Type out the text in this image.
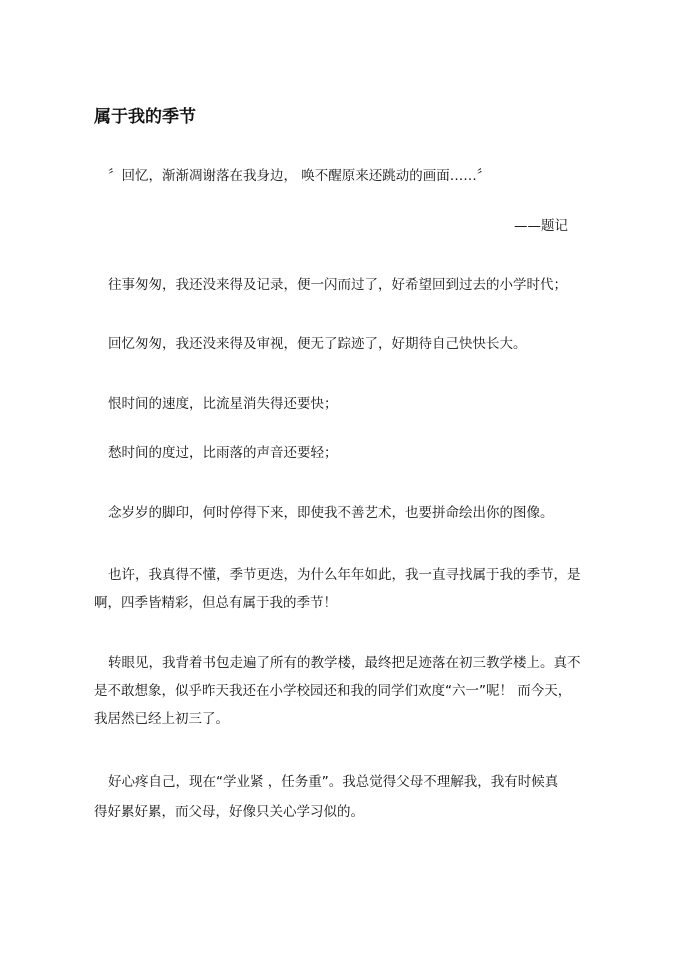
属于我的季节

〞回忆，渐渐凋谢落在我身边， 唤不醒原来还跳动的画面……〞

——题记

往事匆匆，我还没来得及记录，便一闪而过了，好希望回到过去的小学时代；

回忆匆匆，我还没来得及审视，便无了踪迹了，好期待自己快快长大。

恨时间的速度，比流星消失得还要快；

愁时间的度过，比雨落的声音还要轻；

念岁岁的脚印，何时停得下来，即使我不善艺术，也要拼命绘出你的图像。

也许，我真得不懂，季节更迭，为什么年年如此，我一直寻找属于我的季节，是

啊，四季皆精彩，但总有属于我的季节！

转眼见，我背着书包走遍了所有的教学楼，最终把足迹落在初三教学楼上。真不

是不敢想象，似乎昨天我还在小学校园还和我的同学们欢度“六一”呢！ 而今天，

我居然已经上初三了。

好心疼自己，现在“学业紧 ，任务重”。我总觉得父母不理解我，我有时候真

得好累好累，而父母，好像只关心学习似的。
